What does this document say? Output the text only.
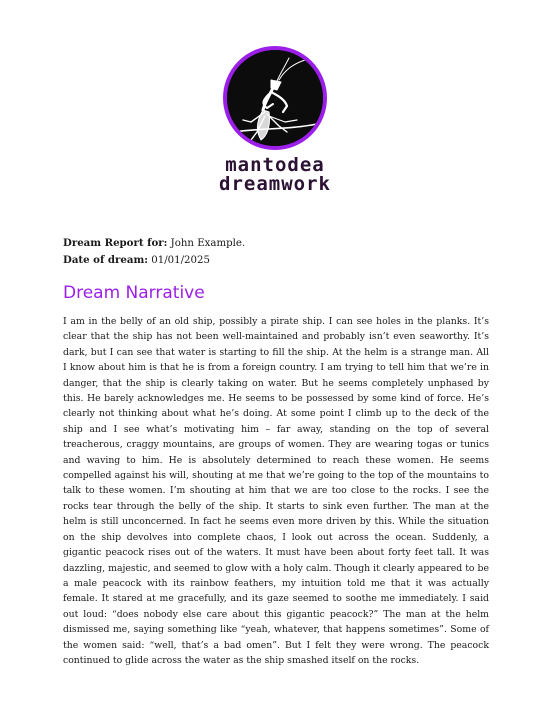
mantodea
dreamwork
Dream Report for: John Example.
Date of dream: 01/01/2025
Dream Narrative

I am in the belly of an old ship, possibly a pirate ship. I can see holes in the planks. It’s clear that the ship has not been well-maintained and probably isn’t even seaworthy. It’s dark, but I can see that water is starting to fill the ship. At the helm is a strange man. All I know about him is that he is from a foreign country. I am trying to tell him that we’re in danger, that the ship is clearly taking on water. But he seems completely unphased by this. He barely acknowledges me. He seems to be possessed by some kind of force. He’s clearly not thinking about what he’s doing. At some point I climb up to the deck of the ship and I see what’s motivating him – far away, standing on the top of several treacherous, craggy mountains, are groups of women. They are wearing togas or tunics and waving to him. He is absolutely determined to reach these women. He seems compelled against his will, shouting at me that we’re going to the top of the mountains to talk to these women. I’m shouting at him that we are too close to the rocks. I see the rocks tear through the belly of the ship. It starts to sink even further. The man at the helm is still unconcerned. In fact he seems even more driven by this. While the situation on the ship devolves into complete chaos, I look out across the ocean. Suddenly, a gigantic peacock rises out of the waters. It must have been about forty feet tall. It was dazzling, majestic, and seemed to glow with a holy calm. Though it clearly appeared to be a male peacock with its rainbow feathers, my intuition told me that it was actually female. It stared at me gracefully, and its gaze seemed to soothe me immediately. I said out loud: “does nobody else care about this gigantic peacock?” The man at the helm dismissed me, saying something like “yeah, whatever, that happens sometimes”. Some of the women said: “well, that’s a bad omen”. But I felt they were wrong. The peacock continued to glide across the water as the ship smashed itself on the rocks.
